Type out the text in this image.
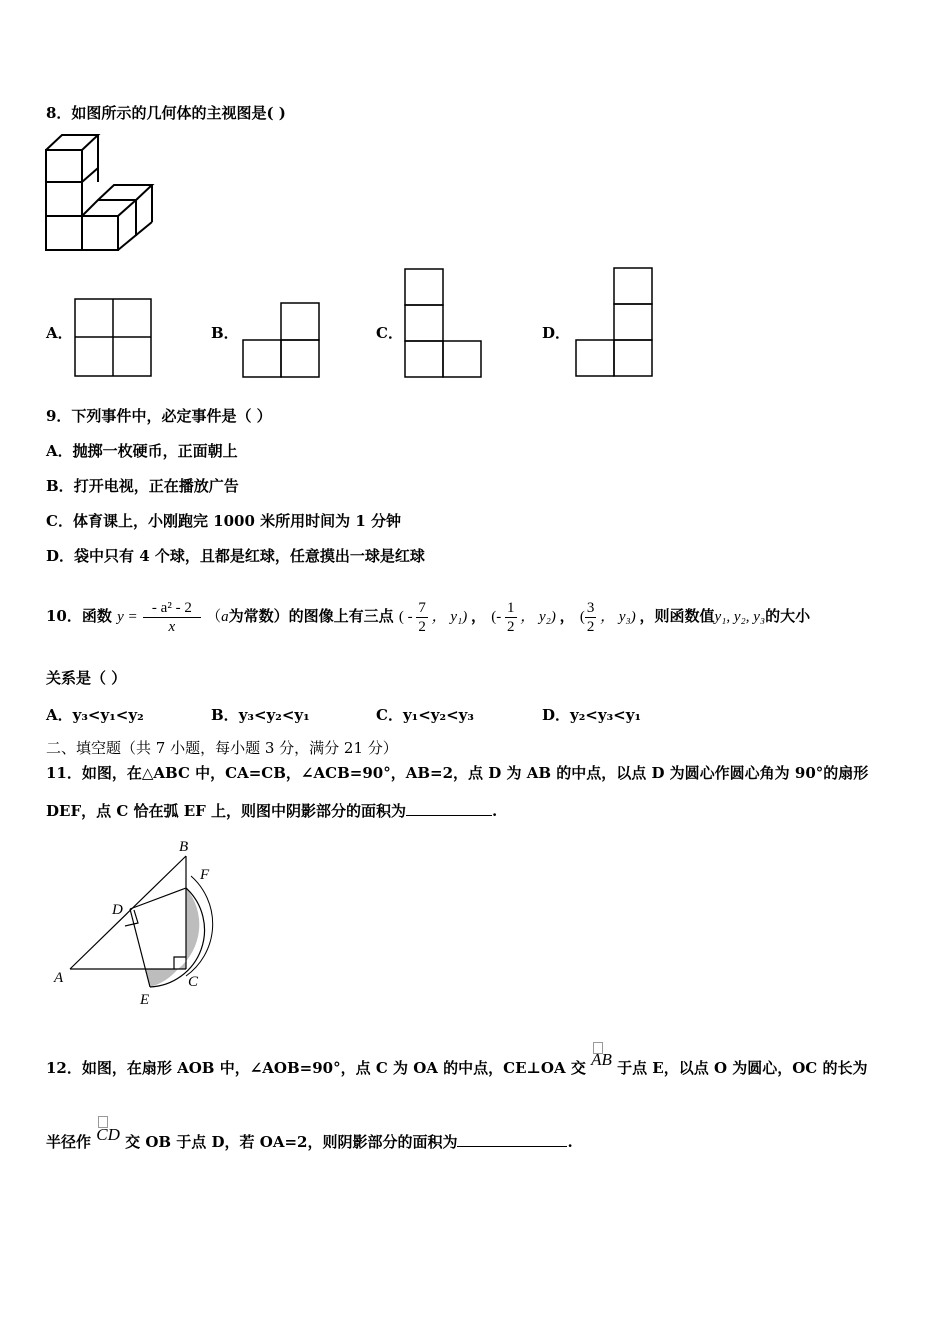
8．如图所示的几何体的主视图是( )
A．	B．	C．	D．
9．下列事件中，必定事件是（ ）
A．抛掷一枚硬币，正面朝上
B．打开电视，正在播放广告
C．体育课上，小刚跑完 1000 米所用时间为 1 分钟
D．袋中只有 4 个球，且都是红球，任意摸出一球是红球
10．函数 $y = \frac{\text{- a² - 2}}{x} (a$为常数）的图像上有三点 ( - $\frac{7}{2}$ ， y₁) ， (- $\frac{1}{2}$ ， y₂) ， ( $\frac{3}{2}$ ， y₃) ，则函数值y₁, y₂, y₃的大小
关系是（ ）
A．y₃<y₁<y₂	B．y₃<y₂<y₁	C．y₁<y₂<y₃	D．y₂<y₃<y₁
二、填空题（共 7 小题，每小题 3 分，满分 21 分）
11．如图，在△ABC 中，CA=CB，∠ACB=90°，AB=2，点 D 为 AB 的中点，以点 D 为圆心作圆心角为 90°的扇形
DEF，点 C 恰在弧 EF 上，则图中阴影部分的面积为	.
A
B
C
D
E
F
12．如图，在扇形 AOB 中，∠AOB=90°，点 C 为 OA 的中点，CE⊥OA 交 AB 于点 E，以点 O 为圆心，OC 的长为
半径作 CD 交 OB 于点 D，若 OA=2，则阴影部分的面积为	.
